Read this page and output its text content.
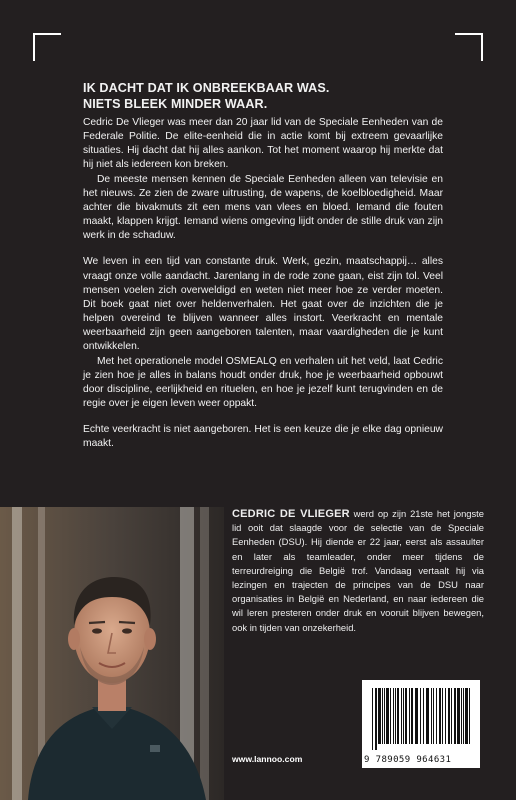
IK DACHT DAT IK ONBREEKBAAR WAS.
NIETS BLEEK MINDER WAAR.

Cedric De Vlieger was meer dan 20 jaar lid van de Speciale Eenheden van de Federale Politie. De elite-eenheid die in actie komt bij extreem gevaarlijke situaties. Hij dacht dat hij alles aankon. Tot het moment waarop hij merkte dat hij niet als iedereen kon breken.

De meeste mensen kennen de Speciale Eenheden alleen van televisie en het nieuws. Ze zien de zware uitrusting, de wapens, de koelbloedigheid. Maar achter die bivakmuts zit een mens van vlees en bloed. Iemand die fouten maakt, klappen krijgt. Iemand wiens omgeving lijdt onder de stille druk van zijn werk in de schaduw.

We leven in een tijd van constante druk. Werk, gezin, maatschappij… alles vraagt onze volle aandacht. Jarenlang in de rode zone gaan, eist zijn tol. Veel mensen voelen zich overweldigd en weten niet meer hoe ze verder moeten. Dit boek gaat niet over heldenverhalen. Het gaat over de inzichten die je helpen overeind te blijven wanneer alles instort. Veerkracht en mentale weerbaarheid zijn geen aangeboren talenten, maar vaardigheden die je kunt ontwikkelen.

Met het operationele model OSMEALQ en verhalen uit het veld, laat Cedric je zien hoe je alles in balans houdt onder druk, hoe je weerbaarheid opbouwt door discipline, eerlijkheid en rituelen, en hoe je jezelf kunt terugvinden en de regie over je eigen leven weer oppakt.

Echte veerkracht is niet aangeboren. Het is een keuze die je elke dag opnieuw maakt.

CEDRIC DE VLIEGER werd op zijn 21ste het jongste lid ooit dat slaagde voor de selectie van de Speciale Eenheden (DSU). Hij diende er 22 jaar, eerst als assaulter en later als teamleader, onder meer tijdens de terreurdreiging die België trof. Vandaag vertaalt hij via lezingen en trajecten de principes van de DSU naar organisaties in België en Nederland, en naar iedereen die wil leren presteren onder druk en vooruit blijven bewegen, ook in tijden van onzekerheid.
www.lannoo.com	9 789059 964631
